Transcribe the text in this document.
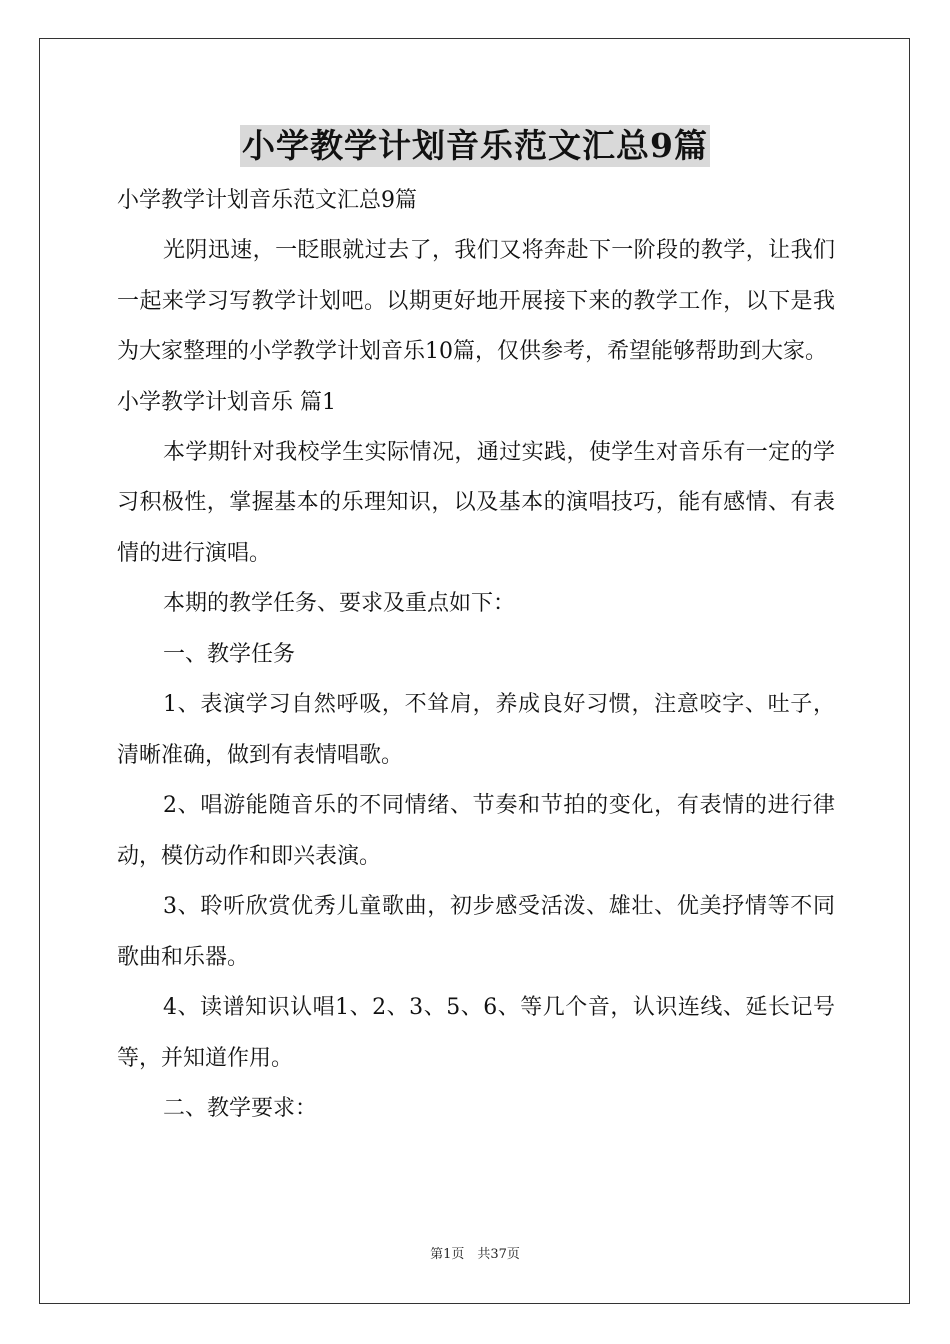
小学教学计划音乐范文汇总9篇

小学教学计划音乐范文汇总9篇

光阴迅速，一眨眼就过去了，我们又将奔赴下一阶段的教学，让我们一起来学习写教学计划吧。以期更好地开展接下来的教学工作，以下是我为大家整理的小学教学计划音乐10篇，仅供参考，希望能够帮助到大家。

小学教学计划音乐 篇1

本学期针对我校学生实际情况，通过实践，使学生对音乐有一定的学习积极性，掌握基本的乐理知识，以及基本的演唱技巧，能有感情、有表情的进行演唱。

本期的教学任务、要求及重点如下：

一、教学任务

1、表演学习自然呼吸，不耸肩，养成良好习惯，注意咬字、吐子，清晰准确，做到有表情唱歌。

2、唱游能随音乐的不同情绪、节奏和节拍的变化，有表情的进行律动，模仿动作和即兴表演。

3、聆听欣赏优秀儿童歌曲，初步感受活泼、雄壮、优美抒情等不同歌曲和乐器。

4、读谱知识认唱1、2、3、5、6、等几个音，认识连线、延长记号等，并知道作用。

二、教学要求：

第1页　共37页
